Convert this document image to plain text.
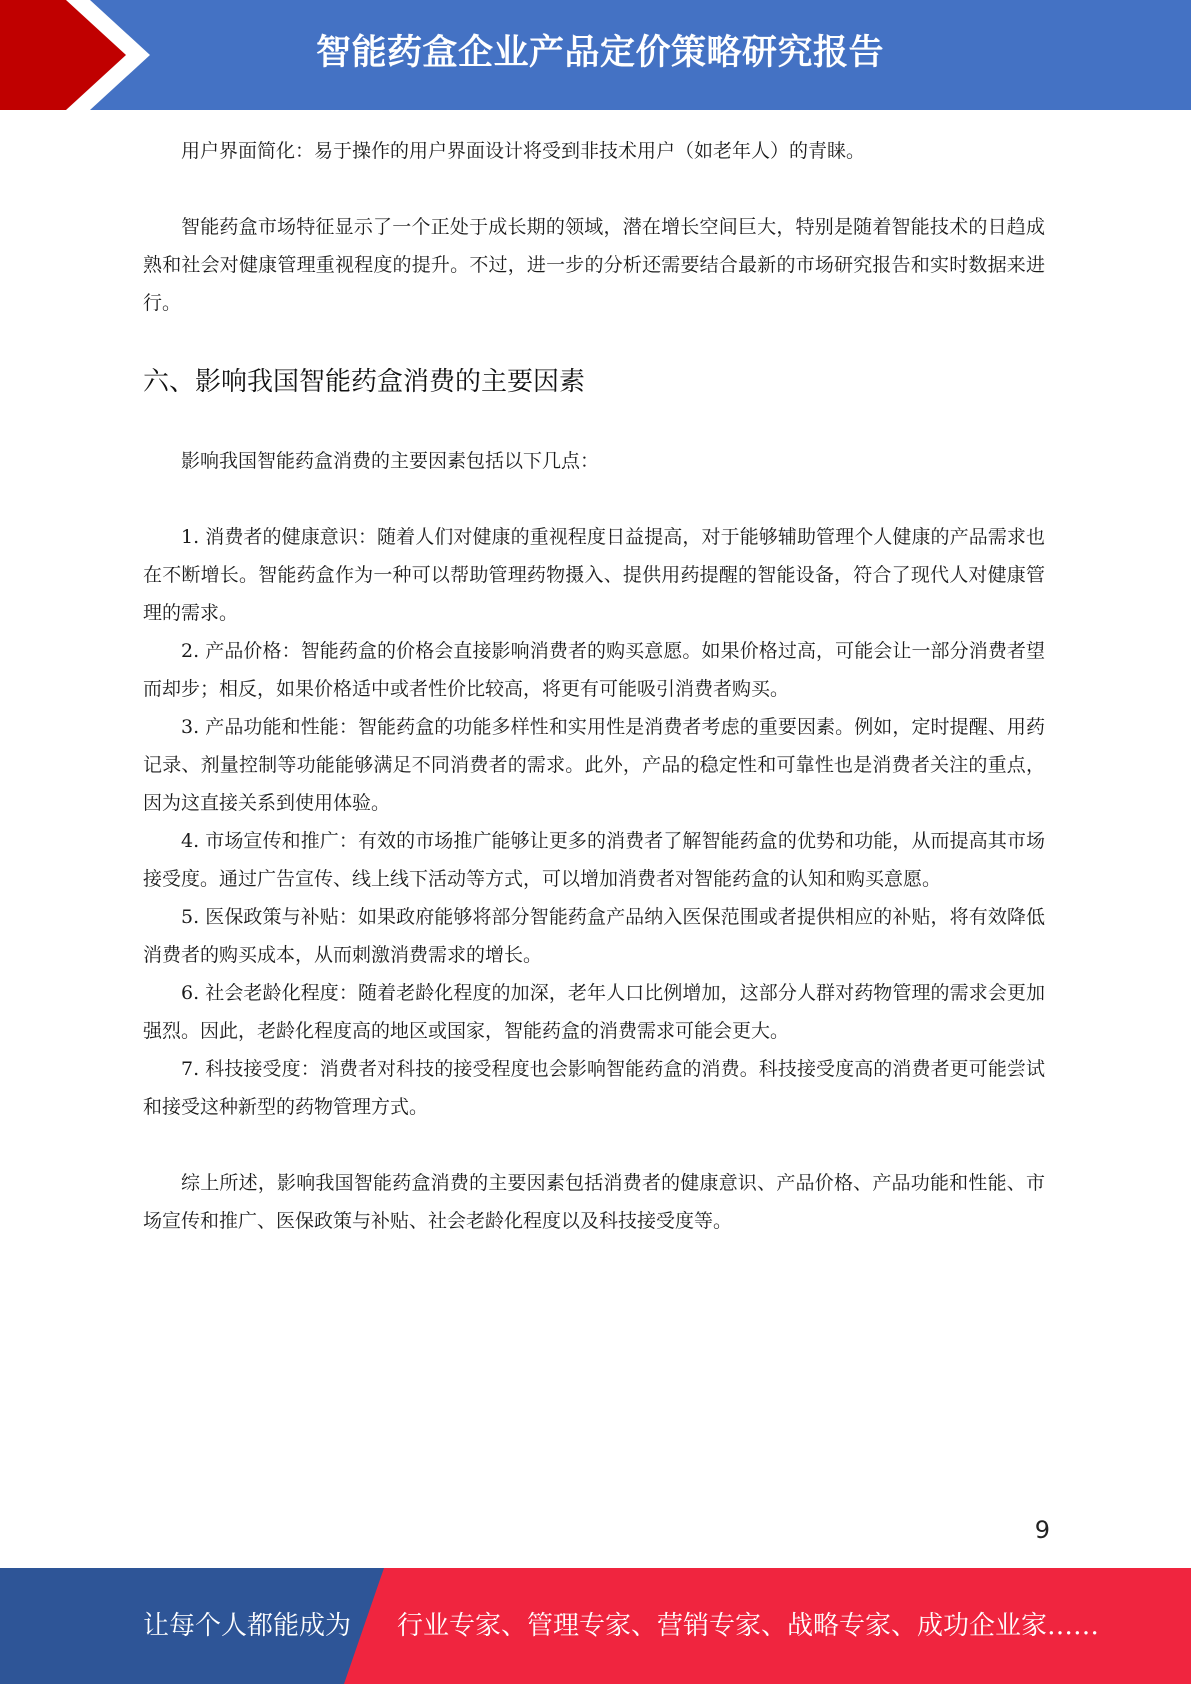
智能药盒企业产品定价策略研究报告

用户界面简化：易于操作的用户界面设计将受到非技术用户（如老年人）的青睐。

智能药盒市场特征显示了一个正处于成长期的领域，潜在增长空间巨大，特别是随着智能技术的日趋成熟和社会对健康管理重视程度的提升。不过，进一步的分析还需要结合最新的市场研究报告和实时数据来进行。

六、影响我国智能药盒消费的主要因素

影响我国智能药盒消费的主要因素包括以下几点：

1. 消费者的健康意识：随着人们对健康的重视程度日益提高，对于能够辅助管理个人健康的产品需求也在不断增长。智能药盒作为一种可以帮助管理药物摄入、提供用药提醒的智能设备，符合了现代人对健康管理的需求。

2. 产品价格：智能药盒的价格会直接影响消费者的购买意愿。如果价格过高，可能会让一部分消费者望而却步；相反，如果价格适中或者性价比较高，将更有可能吸引消费者购买。

3. 产品功能和性能：智能药盒的功能多样性和实用性是消费者考虑的重要因素。例如，定时提醒、用药记录、剂量控制等功能能够满足不同消费者的需求。此外，产品的稳定性和可靠性也是消费者关注的重点，因为这直接关系到使用体验。

4. 市场宣传和推广：有效的市场推广能够让更多的消费者了解智能药盒的优势和功能，从而提高其市场接受度。通过广告宣传、线上线下活动等方式，可以增加消费者对智能药盒的认知和购买意愿。

5. 医保政策与补贴：如果政府能够将部分智能药盒产品纳入医保范围或者提供相应的补贴，将有效降低消费者的购买成本，从而刺激消费需求的增长。

6. 社会老龄化程度：随着老龄化程度的加深，老年人口比例增加，这部分人群对药物管理的需求会更加强烈。因此，老龄化程度高的地区或国家，智能药盒的消费需求可能会更大。

7. 科技接受度：消费者对科技的接受程度也会影响智能药盒的消费。科技接受度高的消费者更可能尝试和接受这种新型的药物管理方式。

综上所述，影响我国智能药盒消费的主要因素包括消费者的健康意识、产品价格、产品功能和性能、市场宣传和推广、医保政策与补贴、社会老龄化程度以及科技接受度等。

9
让每个人都能成为 行业专家、管理专家、营销专家、战略专家、成功企业家……
